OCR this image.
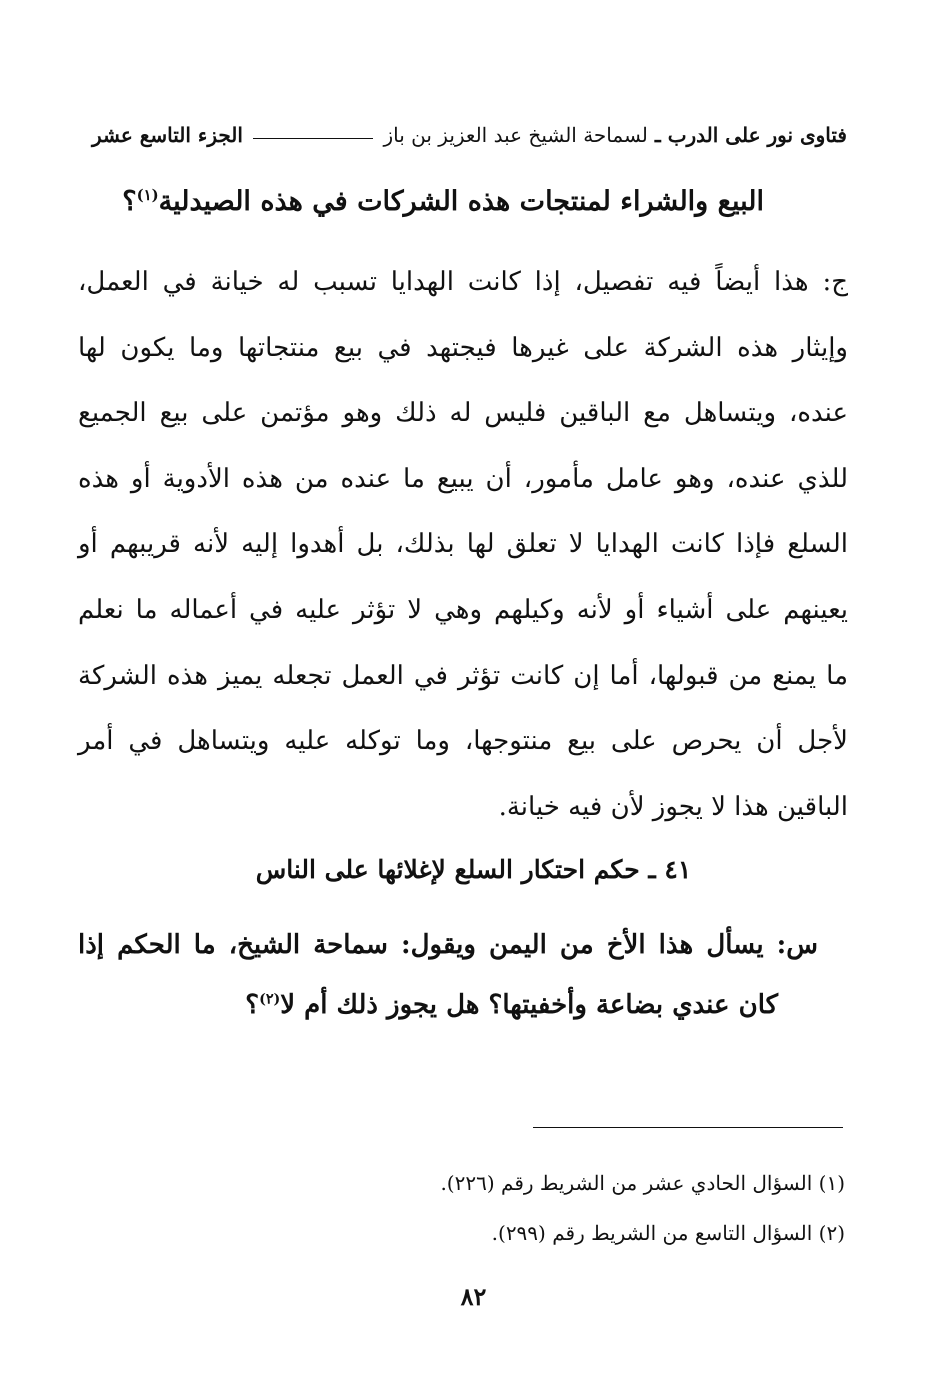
فتاوى نور على الدرب ـ لسماحة الشيخ عبد العزيز بن باز
الجزء التاسع عشر
البيع والشراء لمنتجات هذه الشركات في هذه الصيدلية$^{(١)}$؟
ج: هذا أيضاً فيه تفصيل، إذا كانت الهدايا تسبب له خيانة في العمل،
وإيثار هذه الشركة على غيرها فيجتهد في بيع منتجاتها وما يكون لها
عنده، ويتساهل مع الباقين فليس له ذلك وهو مؤتمن على بيع الجميع
للذي عنده، وهو عامل مأمور، أن يبيع ما عنده من هذه الأدوية أو هذه
السلع فإذا كانت الهدايا لا تعلق لها بذلك، بل أهدوا إليه لأنه قريبهم أو
يعينهم على أشياء أو لأنه وكيلهم وهي لا تؤثر عليه في أعماله ما نعلم
ما يمنع من قبولها، أما إن كانت تؤثر في العمل تجعله يميز هذه الشركة
لأجل أن يحرص على بيع منتوجها، وما توكله عليه ويتساهل في أمر
الباقين هذا لا يجوز لأن فيه خيانة.
٤١ ـ حكم احتكار السلع لإغلائها على الناس
س: يسأل هذا الأخ من اليمن ويقول: سماحة الشيخ، ما الحكم إذا
كان عندي بضاعة وأخفيتها؟ هل يجوز ذلك أم لا$^{(٢)}$؟
(١) السؤال الحادي عشر من الشريط رقم (٢٢٦).
(٢) السؤال التاسع من الشريط رقم (٢٩٩).
٨٢
